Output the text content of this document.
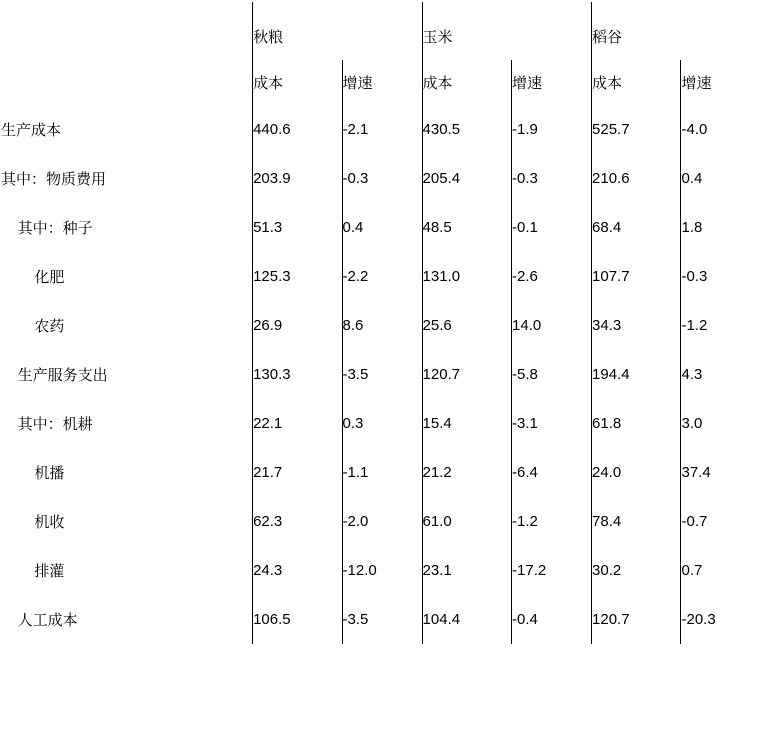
	秋粮		玉米		稻谷	
	成本	增速	成本	增速	成本	增速
生产成本	440.6	-2.1	430.5	-1.9	525.7	-4.0
其中：物质费用	203.9	-0.3	205.4	-0.3	210.6	0.4
其中：种子	51.3	0.4	48.5	-0.1	68.4	1.8
化肥	125.3	-2.2	131.0	-2.6	107.7	-0.3
农药	26.9	8.6	25.6	14.0	34.3	-1.2
生产服务支出	130.3	-3.5	120.7	-5.8	194.4	4.3
其中：机耕	22.1	0.3	15.4	-3.1	61.8	3.0
机播	21.7	-1.1	21.2	-6.4	24.0	37.4
机收	62.3	-2.0	61.0	-1.2	78.4	-0.7
排灌	24.3	-12.0	23.1	-17.2	30.2	0.7
人工成本	106.5	-3.5	104.4	-0.4	120.7	-20.3
